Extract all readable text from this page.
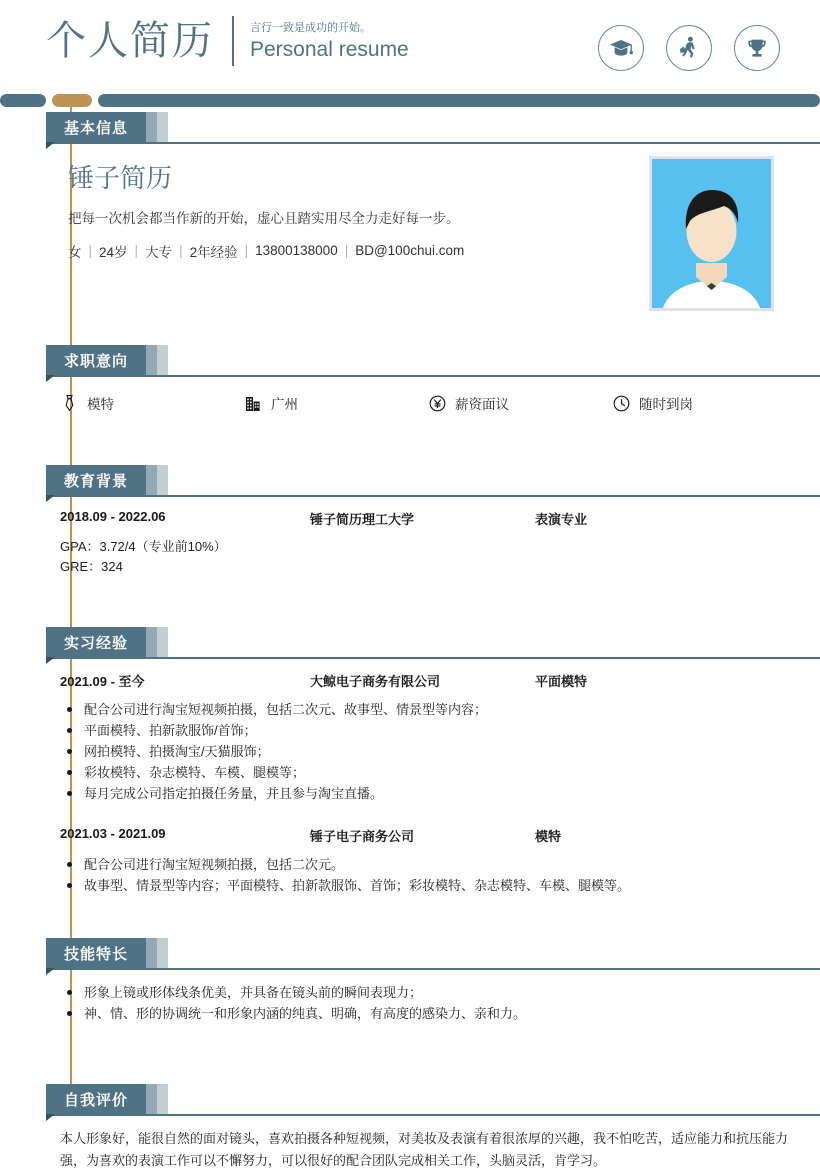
个人简历	言行一致是成功的开始。
Personal resume
基本信息
锤子简历
把每一次机会都当作新的开始，虚心且踏实用尽全力走好每一步。
女 | 24岁 | 大专 | 2年经验 | 13800138000 | BD@100chui.com
求职意向
模特	广州	薪资面议	随时到岗
教育背景
2018.09 - 2022.06	锤子简历理工大学	表演专业
GPA：3.72/4（专业前10%）
GRE：324
实习经验
2021.09 - 至今	大鲸电子商务有限公司	平面模特
配合公司进行淘宝短视频拍摄，包括二次元、故事型、情景型等内容；
平面模特、拍新款服饰/首饰；
网拍模特、拍摄淘宝/天猫服饰；
彩妆模特、杂志模特、车模、腿模等；
每月完成公司指定拍摄任务量，并且参与淘宝直播。
2021.03 - 2021.09	锤子电子商务公司	模特
配合公司进行淘宝短视频拍摄，包括二次元。
故事型、情景型等内容；平面模特、拍新款服饰、首饰；彩妆模特、杂志模特、车模、腿模等。
技能特长
形象上镜或形体线条优美，并具备在镜头前的瞬间表现力；
神、情、形的协调统一和形象内涵的纯真、明确，有高度的感染力、亲和力。
自我评价
本人形象好，能很自然的面对镜头，喜欢拍摄各种短视频，对美妆及表演有着很浓厚的兴趣，我不怕吃苦，适应能力和抗压能力强，为喜欢的表演工作可以不懈努力，可以很好的配合团队完成相关工作，头脑灵活，肯学习。
